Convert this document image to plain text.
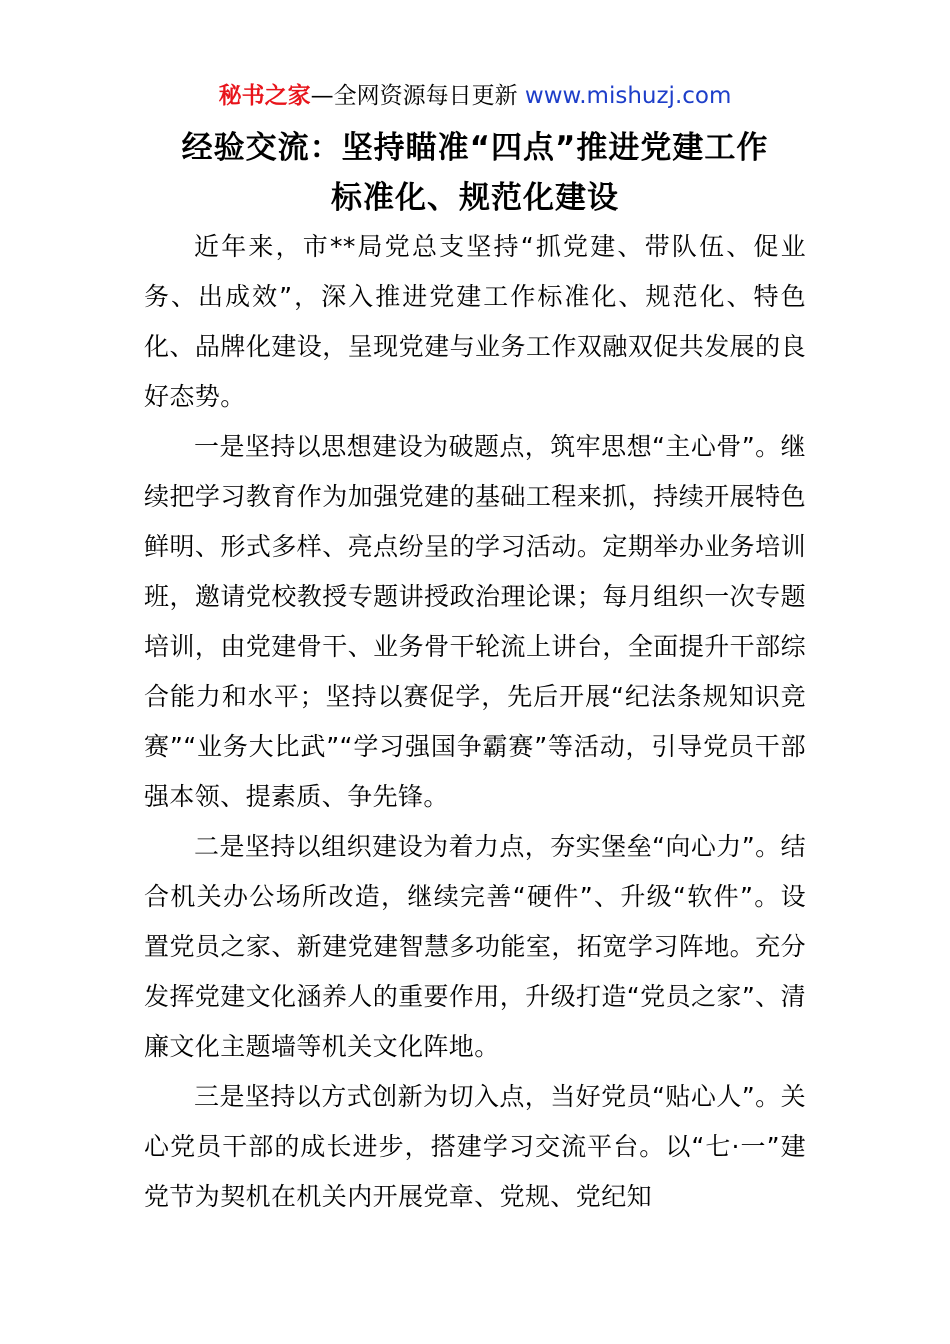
秘书之家—全网资源每日更新 www.mishuzj.com
经验交流：坚持瞄准“四点”推进党建工作
标准化、规范化建设

近年来，市**局党总支坚持“抓党建、带队伍、促业务、出成效”，深入推进党建工作标准化、规范化、特色化、品牌化建设，呈现党建与业务工作双融双促共发展的良好态势。

一是坚持以思想建设为破题点，筑牢思想“主心骨”。继续把学习教育作为加强党建的基础工程来抓，持续开展特色鲜明、形式多样、亮点纷呈的学习活动。定期举办业务培训班，邀请党校教授专题讲授政治理论课；每月组织一次专题培训，由党建骨干、业务骨干轮流上讲台，全面提升干部综合能力和水平；坚持以赛促学，先后开展“纪法条规知识竞赛”“业务大比武”“学习强国争霸赛”等活动，引导党员干部强本领、提素质、争先锋。

二是坚持以组织建设为着力点，夯实堡垒“向心力”。结合机关办公场所改造，继续完善“硬件”、升级“软件”。设置党员之家、新建党建智慧多功能室，拓宽学习阵地。充分发挥党建文化涵养人的重要作用，升级打造“党员之家”、清廉文化主题墙等机关文化阵地。

三是坚持以方式创新为切入点，当好党员“贴心人”。关心党员干部的成长进步，搭建学习交流平台。以“七·一”建党节为契机在机关内开展党章、党规、党纪知
